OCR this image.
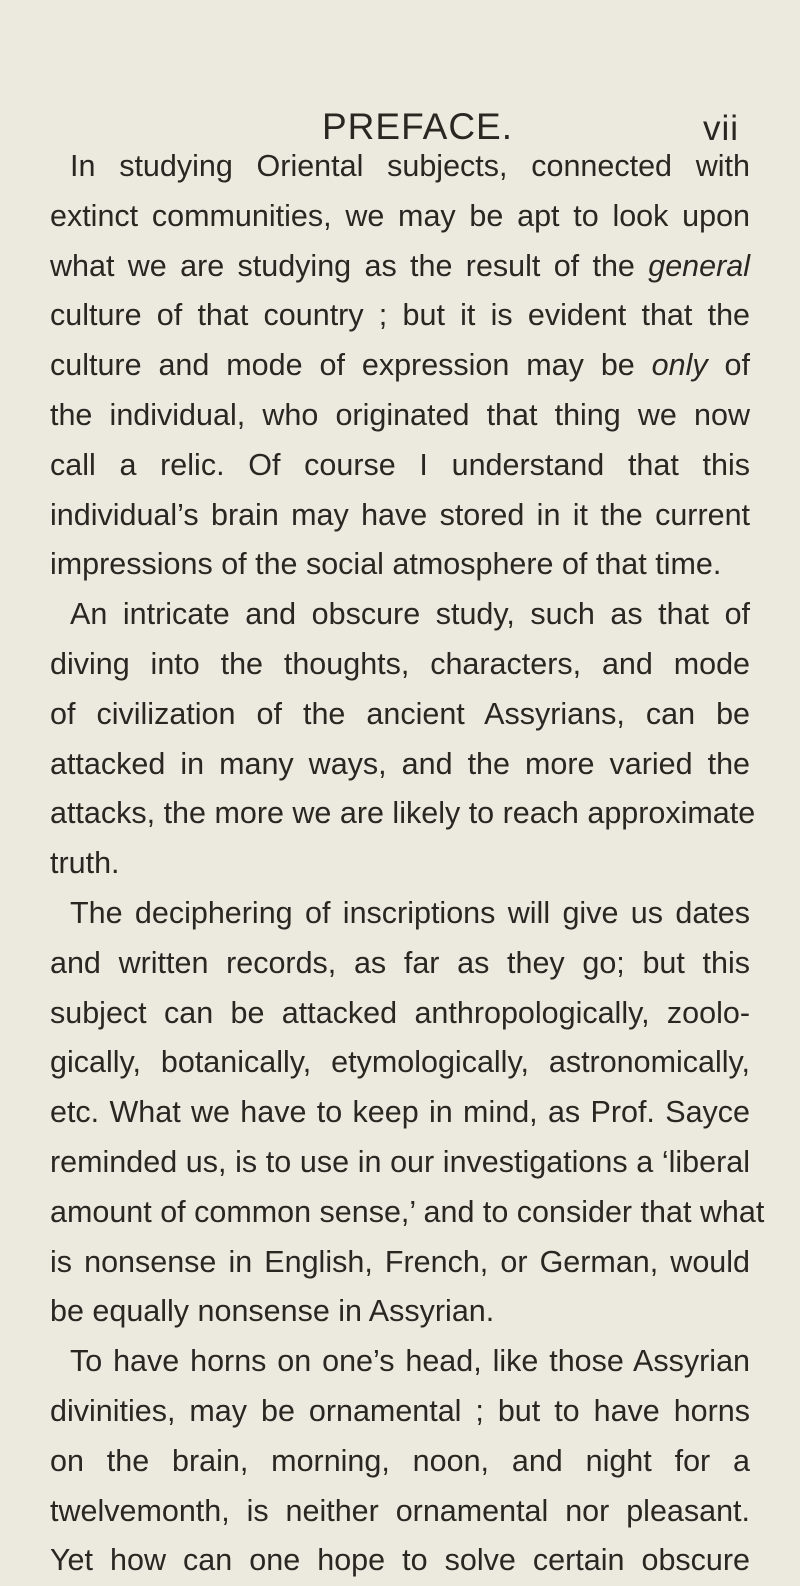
PREFACE.	vii
In studying Oriental subjects, connected with
extinct communities, we may be apt to look upon
what we are studying as the result of the general
culture of that country ; but it is evident that the
culture and mode of expression may be only of
the individual, who originated that thing we now
call a relic. Of course I understand that this
individual’s brain may have stored in it the current
impressions of the social atmosphere of that time.
An intricate and obscure study, such as that of
diving into the thoughts, characters, and mode
of civilization of the ancient Assyrians, can be
attacked in many ways, and the more varied the
attacks, the more we are likely to reach approximate
truth.
The deciphering of inscriptions will give us dates
and written records, as far as they go; but this
subject can be attacked anthropologically, zoolo-
gically, botanically, etymologically, astronomically,
etc. What we have to keep in mind, as Prof. Sayce
reminded us, is to use in our investigations a ‘liberal
amount of common sense,’ and to consider that what
is nonsense in English, French, or German, would
be equally nonsense in Assyrian.
To have horns on one’s head, like those Assyrian
divinities, may be ornamental ; but to have horns
on the brain, morning, noon, and night for a
twelvemonth, is neither ornamental nor pleasant.
Yet how can one hope to solve certain obscure
